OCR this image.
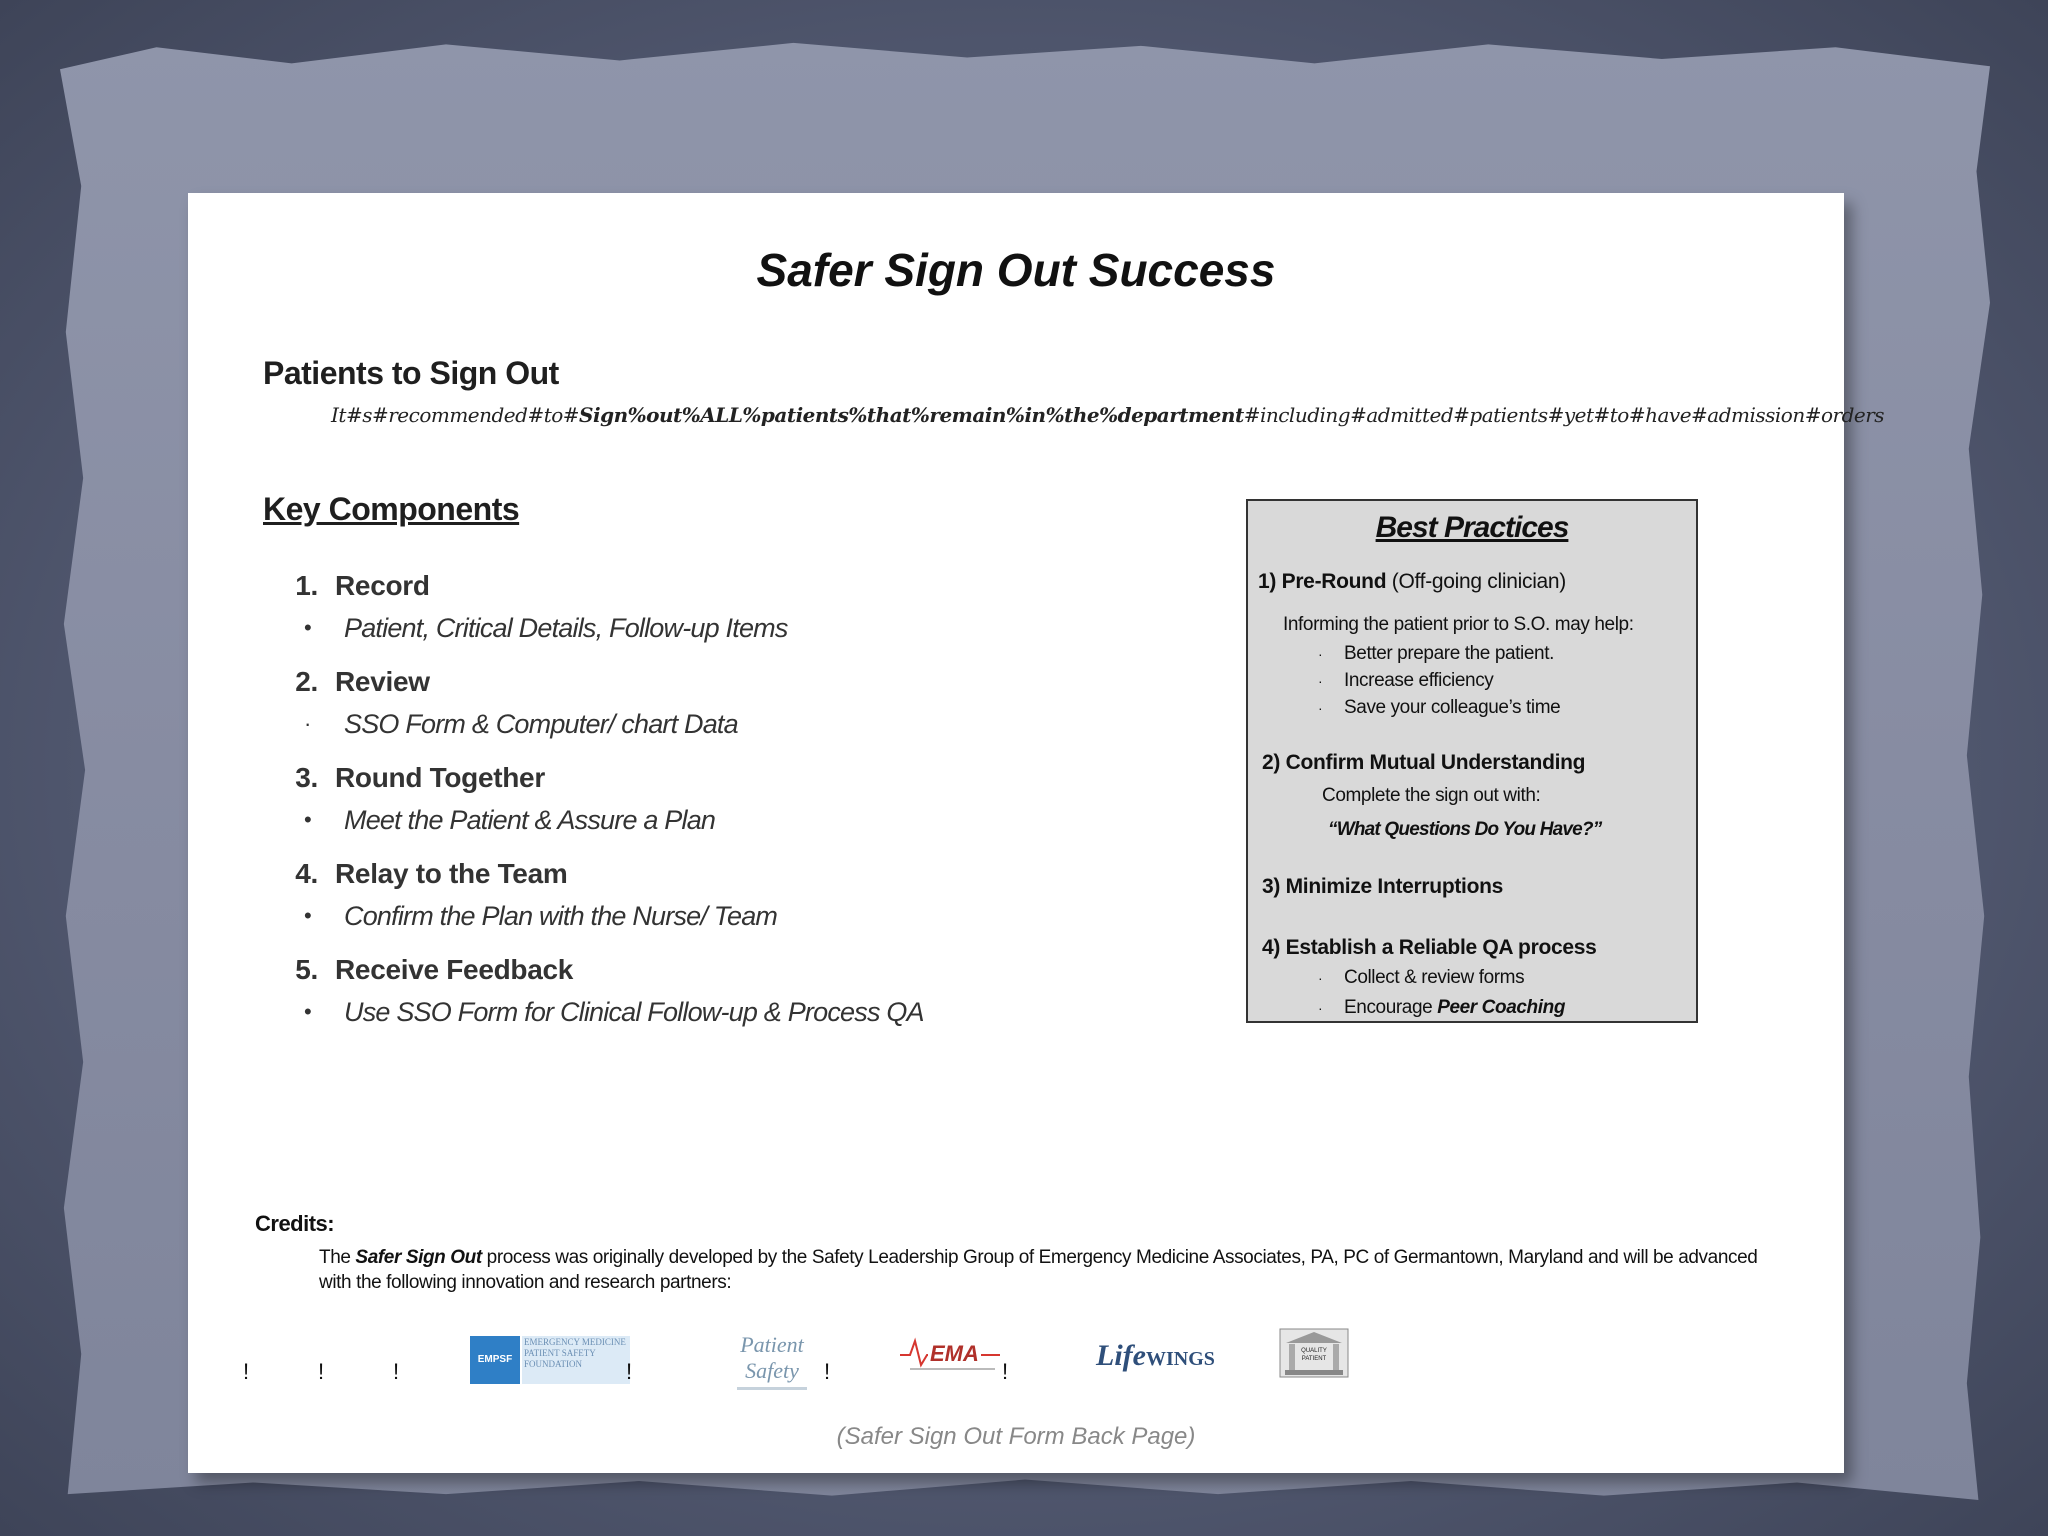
Safer Sign Out Success
Patients to Sign Out
It#s#recommended#to#Sign%out%ALL%patients%that%remain%in%the%department#including#admitted#patients#yet#to#have#admission#orders
Key Components
1. Record
•	Patient, Critical Details, Follow-up Items
2. Review
·	SSO Form & Computer/ chart Data
3. Round Together
•	Meet the Patient & Assure a Plan
4. Relay to the Team
•	Confirm the Plan with the Nurse/ Team
5. Receive Feedback
•	Use SSO Form for Clinical Follow-up & Process QA
Best Practices
1) Pre-Round (Off-going clinician)
Informing the patient prior to S.O. may help:
· Better prepare the patient.
· Increase efficiency
· Save your colleague’s time
2) Confirm Mutual Understanding
Complete the sign out with:
“What Questions Do You Have?”
3) Minimize Interruptions
4) Establish a Reliable QA process
· Collect & review forms
· Encourage Peer Coaching
Credits:
The Safer Sign Out process was originally developed by the Safety Leadership Group of Emergency Medicine Associates, PA, PC of Germantown, Maryland and will be advanced with the following innovation and research partners:
!	!	!	EMPSF
EMERGENCY MEDICINE PATIENT SAFETY FOUNDATION	!
Patient Safety	!
EMA
!	LifeWINGS	QUALITY PATIENT
(Safer Sign Out Form Back Page)
